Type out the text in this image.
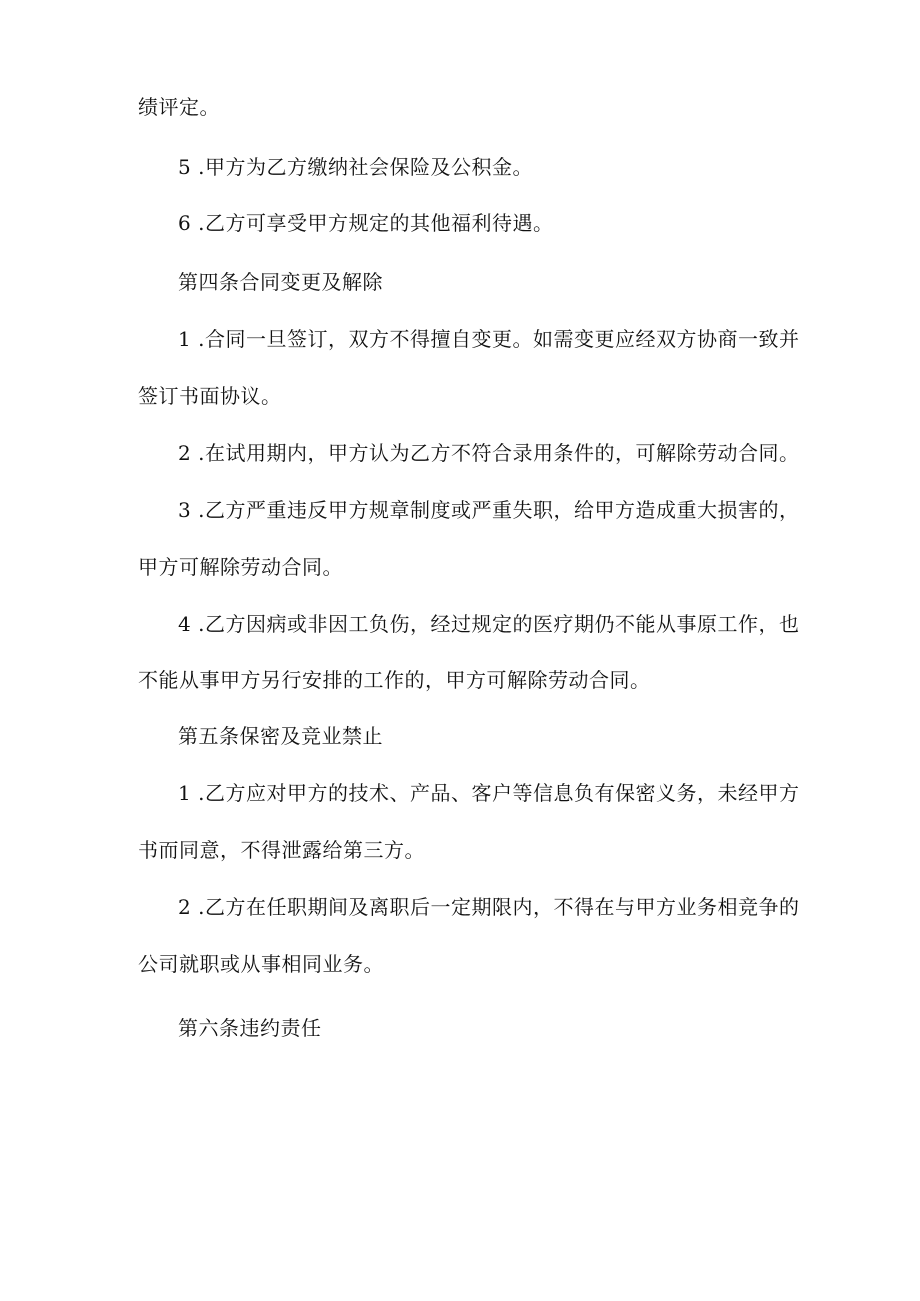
绩评定。
5 .甲方为乙方缴纳社会保险及公积金。
6 .乙方可享受甲方规定的其他福利待遇。
第四条合同变更及解除
1 .合同一旦签订，双方不得擅自变更。如需变更应经双方协商一致并
签订书面协议。
2 .在试用期内，甲方认为乙方不符合录用条件的，可解除劳动合同。
3 .乙方严重违反甲方规章制度或严重失职，给甲方造成重大损害的，
甲方可解除劳动合同。
4 .乙方因病或非因工负伤，经过规定的医疗期仍不能从事原工作，也
不能从事甲方另行安排的工作的，甲方可解除劳动合同。
第五条保密及竞业禁止
1 .乙方应对甲方的技术、产品、客户等信息负有保密义务，未经甲方
书而同意，不得泄露给第三方。
2 .乙方在任职期间及离职后一定期限内，不得在与甲方业务相竞争的
公司就职或从事相同业务。
第六条违约责任
